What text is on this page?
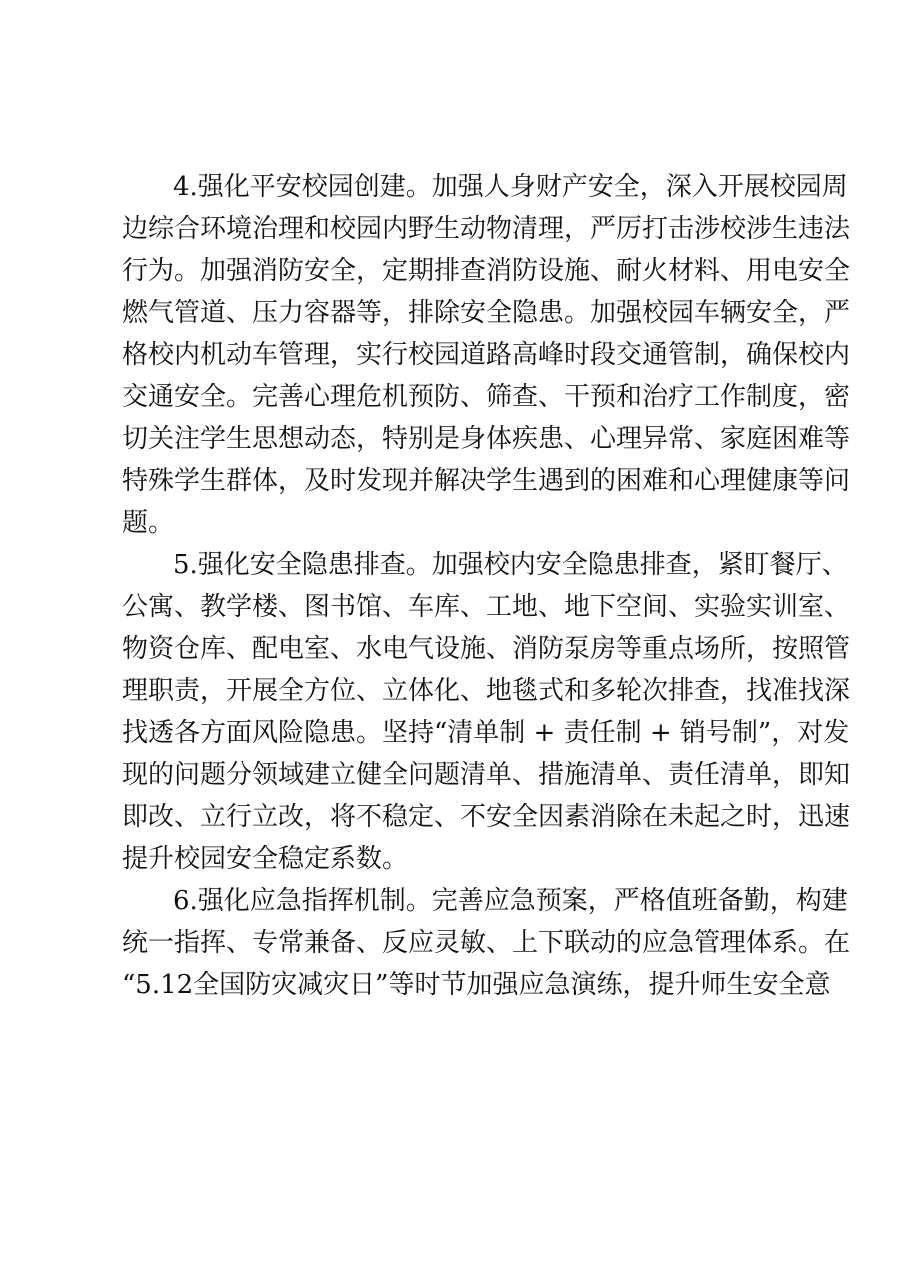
4.强化平安校园创建。加强人身财产安全，深入开展校园周
边综合环境治理和校园内野生动物清理，严厉打击涉校涉生违法
行为。加强消防安全，定期排查消防设施、耐火材料、用电安全
燃气管道、压力容器等，排除安全隐患。加强校园车辆安全，严
格校内机动车管理，实行校园道路高峰时段交通管制，确保校内
交通安全。完善心理危机预防、筛查、干预和治疗工作制度，密
切关注学生思想动态，特别是身体疾患、心理异常、家庭困难等
特殊学生群体，及时发现并解决学生遇到的困难和心理健康等问
题。

5.强化安全隐患排查。加强校内安全隐患排查，紧盯餐厅、
公寓、教学楼、图书馆、车库、工地、地下空间、实验实训室、
物资仓库、配电室、水电气设施、消防泵房等重点场所，按照管
理职责，开展全方位、立体化、地毯式和多轮次排查，找准找深
找透各方面风险隐患。坚持“清单制 + 责任制 + 销号制”，对发
现的问题分领域建立健全问题清单、措施清单、责任清单，即知
即改、立行立改，将不稳定、不安全因素消除在未起之时，迅速
提升校园安全稳定系数。

6.强化应急指挥机制。完善应急预案，严格值班备勤，构建
统一指挥、专常兼备、反应灵敏、上下联动的应急管理体系。在
“5.12全国防灾减灾日”等时节加强应急演练，提升师生安全意
